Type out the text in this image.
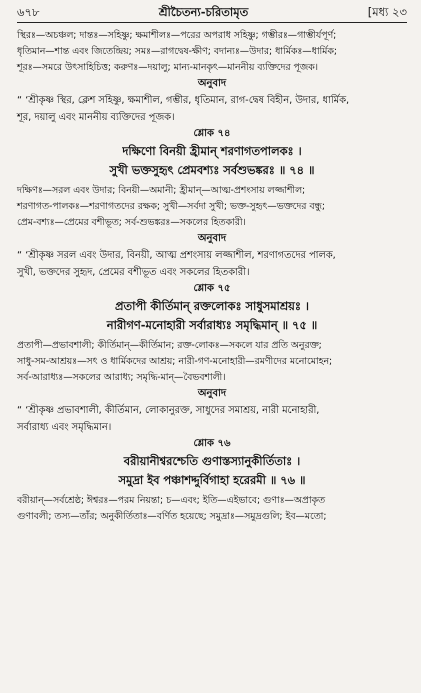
৬৭৮	শ্রীচৈতন্য-চরিতামৃত	[মধ্য ২৩
স্থিরঃ—অচঞ্চল; দান্তঃ—সহিষ্ণু; ক্ষমাশীলঃ—পরের অপরাধ সহিষ্ণু; গম্ভীরঃ—গাম্ভীর্যপূর্ণ;
ধৃতিমান—শান্ত এবং জিতেন্দ্রিয়; সমঃ—রাগদ্বেষ-ক্ষীণ; বদান্যঃ—উদার; ধার্মিকঃ—ধার্মিক;
শূরঃ—সমরে উৎসাহিচিত্ত; করুণঃ—দয়ালু; মান্য-মানকৃৎ—মাননীয় ব্যক্তিদের পূজক।
অনুবাদ
“ ‘শ্রীকৃষ্ণ স্থির, ক্লেশ সহিষ্ণু, ক্ষমাশীল, গম্ভীর, ধৃতিমান, রাগ-দ্বেষ বিহীন, উদার, ধার্মিক,
শূর, দয়ালু এবং মাননীয় ব্যক্তিদের পূজক।
শ্লোক ৭৪
দক্ষিণো বিনয়ী হ্রীমান্ শরণাগতপালকঃ ।
সুখী ভক্তসুহৃৎ প্রেমবশ্যঃ সর্বশুভঙ্করঃ ॥ ৭৪ ॥
দক্ষিণঃ—সরল এবং উদার; বিনয়ী—অমানী; হ্রীমান্—আত্ম-প্রশংসায় লজ্জাশীল;
শরণাগত-পালকঃ—শরণাগতদের রক্ষক; সুখী—সর্বদা সুখী; ভক্ত-সুহৃৎ—ভক্তদের বন্ধু;
প্রেম-বশ্যঃ—প্রেমের বশীভূত; সর্ব-শুভঙ্করঃ—সকলের হিতকারী।
অনুবাদ
“ ‘শ্রীকৃষ্ণ সরল এবং উদার, বিনয়ী, আত্ম প্রশংসায় লজ্জাশীল, শরণাগতদের পালক,
সুখী, ভক্তদের সুহৃদ, প্রেমের বশীভূত এবং সকলের হিতকারী।
শ্লোক ৭৫
প্রতাপী কীর্তিমান্ রক্তলোকঃ সাধুসমাশ্রয়ঃ ।
নারীগণ-মনোহারী সর্বারাধ্যঃ সমৃদ্ধিমান্ ॥ ৭৫ ॥
প্রতাপী—প্রভাবশালী; কীর্তিমান্—কীর্তিমান; রক্ত-লোকঃ—সকলে যার প্রতি অনুরক্ত;
সাধু-সম-আশ্রয়ঃ—সৎ ও ধার্মিকদের আশ্রয়; নারী-গণ-মনোহারী—রমণীদের মনোমোহন;
সর্ব-আরাধ্যঃ—সকলের আরাধ্য; সমৃদ্ধি-মান্—বৈভবশালী।
অনুবাদ
“ ‘শ্রীকৃষ্ণ প্রভাবশালী, কীর্তিমান, লোকানুরক্ত, সাধুদের সমাশ্রয়, নারী মনোহারী,
সর্বারাধ্য এবং সমৃদ্ধিমান।
শ্লোক ৭৬
বরীয়ানীশ্বরশ্চেতি গুণাস্তস্যানুকীর্তিতাঃ ।
সমুদ্রা ইব পঞ্চাশদ্দুর্বিগাহা হরেরমী ॥ ৭৬ ॥
বরীয়ান্—সর্বশ্রেষ্ঠ; ঈশ্বরঃ—পরম নিয়ন্তা; চ—এবং; ইতি—এইভাবে; গুণাঃ—অপ্রাকৃত
গুণাবলী; তস্য—তাঁর; অনুকীর্তিতাঃ—বর্ণিত হয়েছে; সমুদ্রাঃ—সমুদ্রগুলি; ইব—মতো;
